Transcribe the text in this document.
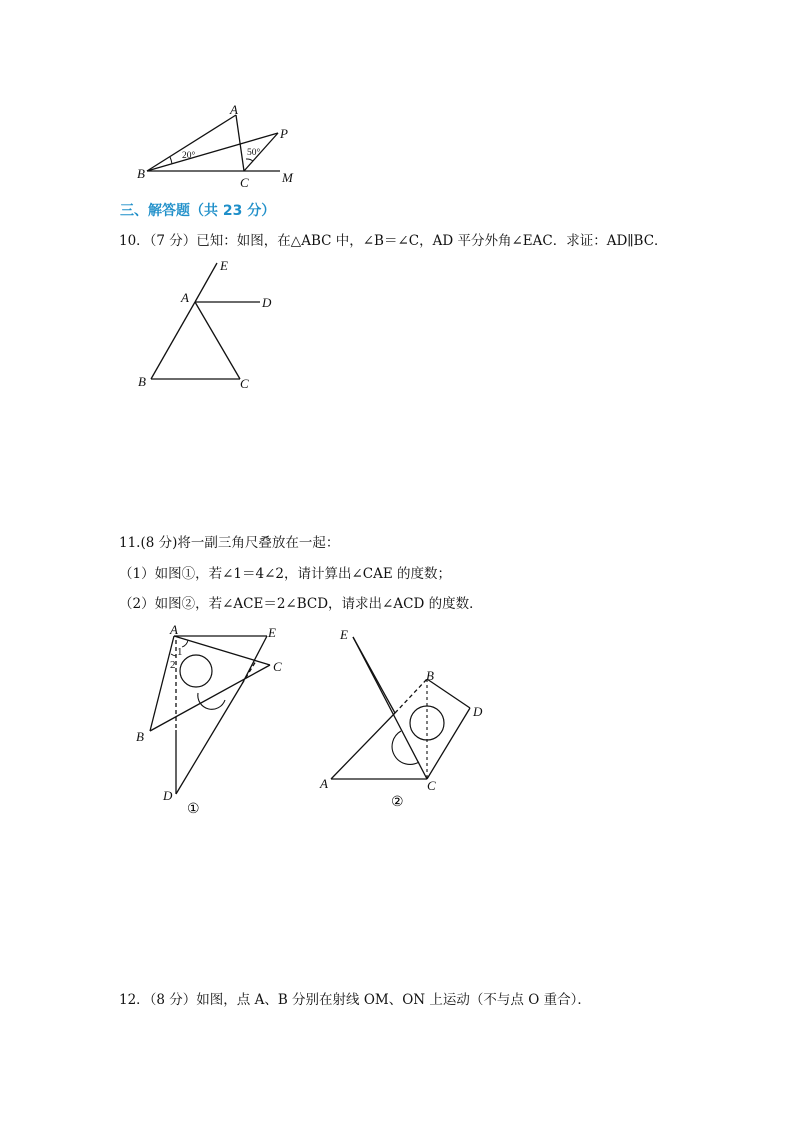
A
P
B
C	M
20°	50°
三、解答题（共 23 分）
10．（7 分）已知：如图，在△ABC 中，∠B＝∠C，AD 平分外角∠EAC．求证：AD∥BC．
E
A	D
B	C
11.(8 分)将一副三角尺叠放在一起：
（1）如图①，若∠1＝4∠2，请计算出∠CAE 的度数；
（2）如图②，若∠ACE＝2∠BCD，请求出∠ACD 的度数．
A	E
C
B
D
1
2
①
E
B
D
A	C
②
12．（8 分）如图，点 A、B 分别在射线 OM、ON 上运动（不与点 O 重合）．
